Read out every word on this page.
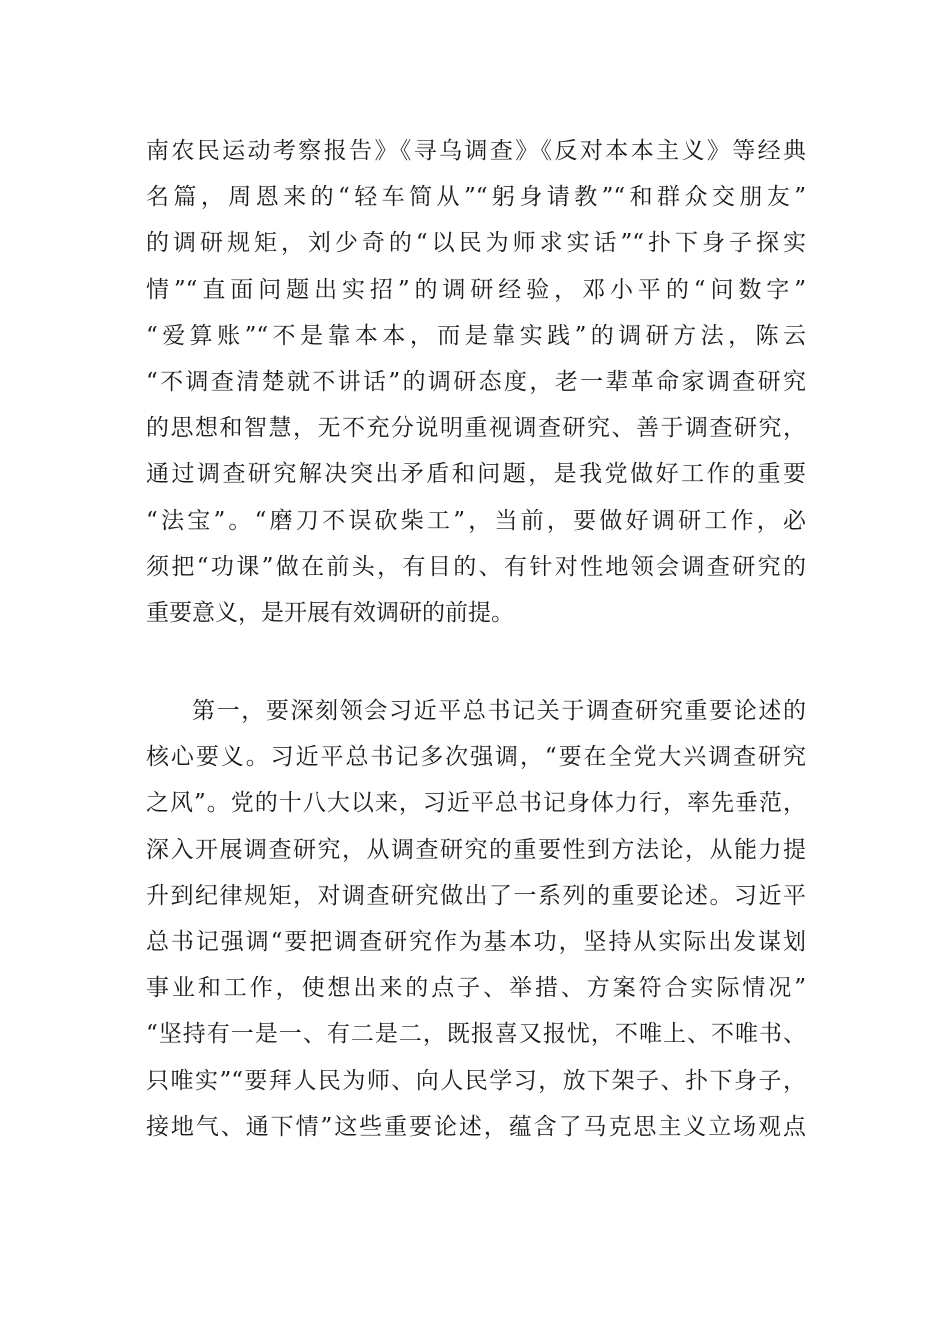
南农民运动考察报告》《寻乌调查》《反对本本主义》等经典
名篇，周恩来的“轻车简从”“躬身请教”“和群众交朋友”
的调研规矩，刘少奇的“以民为师求实话”“扑下身子探实
情”“直面问题出实招”的调研经验，邓小平的“问数字”
“爱算账”“不是靠本本，而是靠实践”的调研方法，陈云
“不调查清楚就不讲话”的调研态度，老一辈革命家调查研究
的思想和智慧，无不充分说明重视调查研究、善于调查研究，
通过调查研究解决突出矛盾和问题，是我党做好工作的重要
“法宝”。“磨刀不误砍柴工”，当前，要做好调研工作，必
须把“功课”做在前头，有目的、有针对性地领会调查研究的
重要意义，是开展有效调研的前提。
第一，要深刻领会习近平总书记关于调查研究重要论述的
核心要义。习近平总书记多次强调，“要在全党大兴调查研究
之风”。党的十八大以来，习近平总书记身体力行，率先垂范，
深入开展调查研究，从调查研究的重要性到方法论，从能力提
升到纪律规矩，对调查研究做出了一系列的重要论述。习近平
总书记强调“要把调查研究作为基本功，坚持从实际出发谋划
事业和工作，使想出来的点子、举措、方案符合实际情况”
“坚持有一是一、有二是二，既报喜又报忧，不唯上、不唯书、
只唯实”“要拜人民为师、向人民学习，放下架子、扑下身子，
接地气、通下情”这些重要论述，蕴含了马克思主义立场观点
